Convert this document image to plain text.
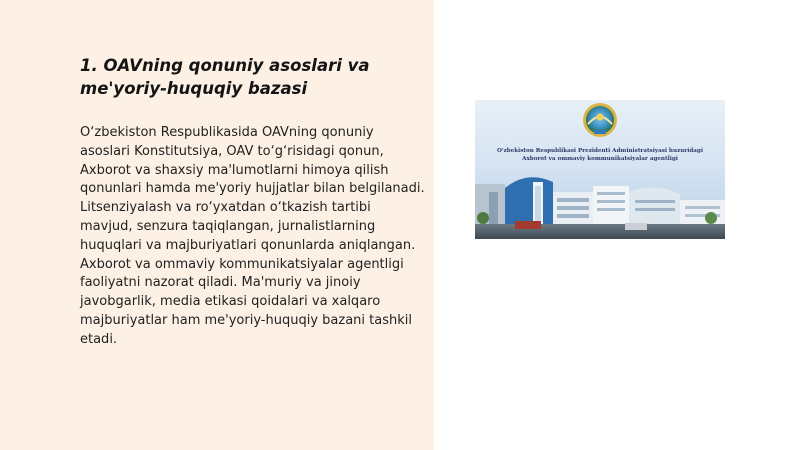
1. OAVning qonuniy asoslari va
me'yoriy-huquqiy bazasi

O‘zbekiston Respublikasida OAVning qonuniy asoslari Konstitutsiya, OAV to‘g‘risidagi qonun, Axborot va shaxsiy ma'lumotlarni himoya qilish qonunlari hamda me'yoriy hujjatlar bilan belgilanadi. Litsenziyalash va ro‘yxatdan o‘tkazish tartibi mavjud, senzura taqiqlangan, jurnalistlarning huquqlari va majburiyatlari qonunlarda aniqlangan. Axborot va ommaviy kommunikatsiyalar agentligi faoliyatni nazorat qiladi. Ma'muriy va jinoiy javobgarlik, media etikasi qoidalari va xalqaro majburiyatlar ham me'yoriy-huquqiy bazani tashkil etadi.

O'zbekiston Respublikasi Prezidenti Administratsiyasi huzuridagi
Axborot va ommaviy kommunikatsiyalar agentligi
